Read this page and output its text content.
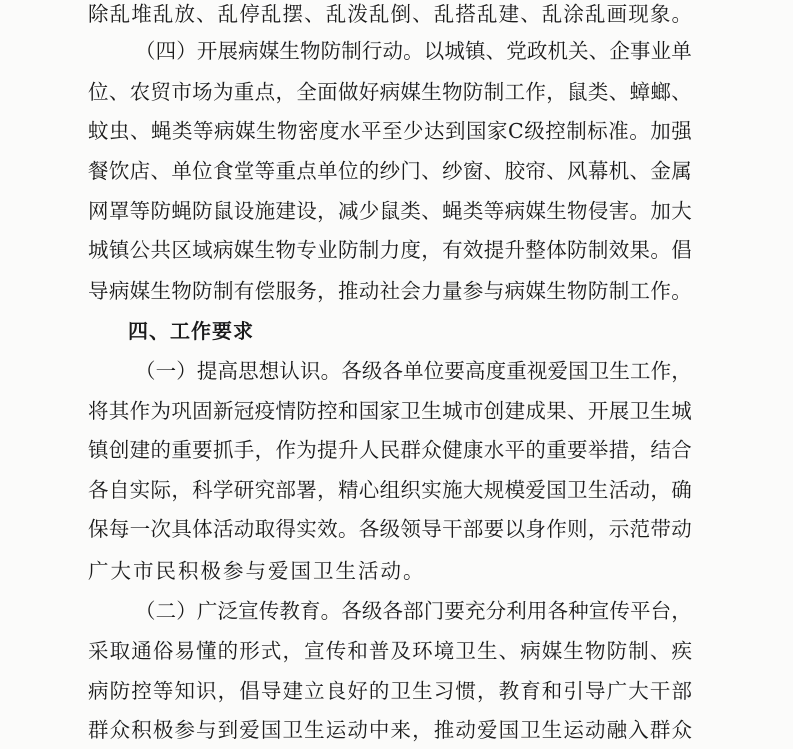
除 乱 堆 乱 放 、 乱 停 乱 摆 、 乱 泼 乱 倒 、 乱 搭 乱 建 、 乱 涂 乱 画 现 象 。
（ 四 ） 开 展 病 媒 生 物 防 制 行 动 。 以 城 镇 、 党 政 机 关 、 企 事 业 单
位 、 农 贸 市 场 为 重 点 ， 全 面 做 好 病 媒 生 物 防 制 工 作 ， 鼠 类 、 蟑 螂 、
蚊 虫 、 蝇 类 等 病 媒 生 物 密 度 水 平 至 少 达 到 国 家 C 级 控 制 标 准 。 加 强
餐 饮 店 、 单 位 食 堂 等 重 点 单 位 的 纱 门 、 纱 窗 、 胶 帘 、 风 幕 机 、 金 属
网 罩 等 防 蝇 防 鼠 设 施 建 设 ， 减 少 鼠 类 、 蝇 类 等 病 媒 生 物 侵 害 。 加 大
城 镇 公 共 区 域 病 媒 生 物 专 业 防 制 力 度 ， 有 效 提 升 整 体 防 制 效 果 。 倡
导 病 媒 生 物 防 制 有 偿 服 务 ， 推 动 社 会 力 量 参 与 病 媒 生 物 防 制 工 作 。
四、工作要求
（ 一 ） 提 高 思 想 认 识 。 各 级 各 单 位 要 高 度 重 视 爱 国 卫 生 工 作 ，
将 其 作 为 巩 固 新 冠 疫 情 防 控 和 国 家 卫 生 城 市 创 建 成 果 、 开 展 卫 生 城
镇 创 建 的 重 要 抓 手 ， 作 为 提 升 人 民 群 众 健 康 水 平 的 重 要 举 措 ， 结 合
各 自 实 际 ， 科 学 研 究 部 署 ， 精 心 组 织 实 施 大 规 模 爱 国 卫 生 活 动 ， 确
保 每 一 次 具 体 活 动 取 得 实 效 。 各 级 领 导 干 部 要 以 身 作 则 ， 示 范 带 动
广大市民积极参与爱国卫生活动。
（ 二 ） 广 泛 宣 传 教 育 。 各 级 各 部 门 要 充 分 利 用 各 种 宣 传 平 台 ，
采 取 通 俗 易 懂 的 形 式 ， 宣 传 和 普 及 环 境 卫 生 、 病 媒 生 物 防 制 、 疾
病 防 控 等 知 识 ， 倡 导 建 立 良 好 的 卫 生 习 惯 ， 教 育 和 引 导 广 大 干 部
群 众 积 极 参 与 到 爱 国 卫 生 运 动 中 来 ， 推 动 爱 国 卫 生 运 动 融 入 群 众
